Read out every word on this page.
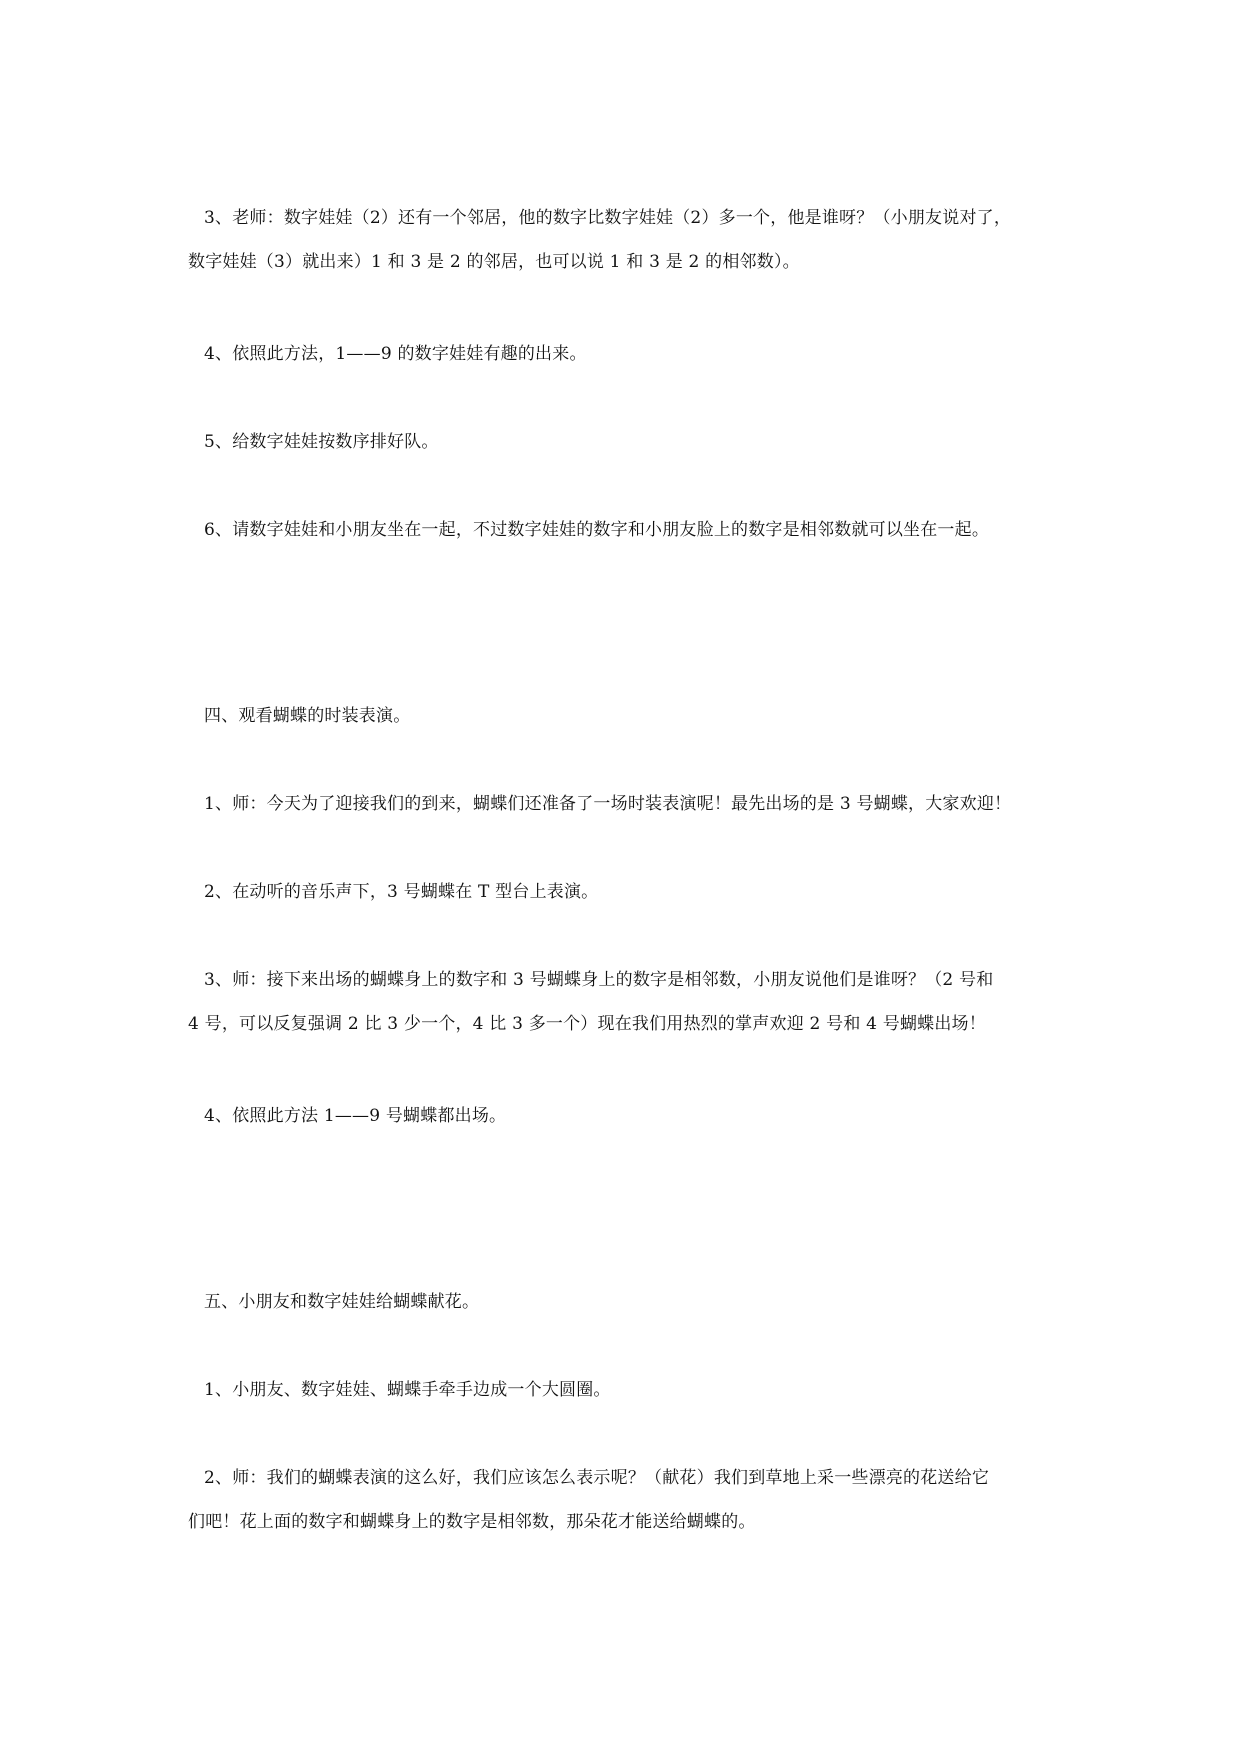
3、老师：数字娃娃（2）还有一个邻居，他的数字比数字娃娃（2）多一个，他是谁呀？（小朋友说对了，
数字娃娃（3）就出来）1 和 3 是 2 的邻居，也可以说 1 和 3 是 2 的相邻数）。
4、依照此方法，1——9 的数字娃娃有趣的出来。
5、给数字娃娃按数序排好队。
6、请数字娃娃和小朋友坐在一起，不过数字娃娃的数字和小朋友脸上的数字是相邻数就可以坐在一起。
四、观看蝴蝶的时装表演。
1、师：今天为了迎接我们的到来，蝴蝶们还准备了一场时装表演呢！最先出场的是 3 号蝴蝶，大家欢迎！
2、在动听的音乐声下，3 号蝴蝶在 T 型台上表演。
3、师：接下来出场的蝴蝶身上的数字和 3 号蝴蝶身上的数字是相邻数，小朋友说他们是谁呀？（2 号和
4 号，可以反复强调 2 比 3 少一个，4 比 3 多一个）现在我们用热烈的掌声欢迎 2 号和 4 号蝴蝶出场！
4、依照此方法 1——9 号蝴蝶都出场。
五、小朋友和数字娃娃给蝴蝶献花。
1、小朋友、数字娃娃、蝴蝶手牵手边成一个大圆圈。
2、师：我们的蝴蝶表演的这么好，我们应该怎么表示呢？（献花）我们到草地上采一些漂亮的花送给它
们吧！花上面的数字和蝴蝶身上的数字是相邻数，那朵花才能送给蝴蝶的。
